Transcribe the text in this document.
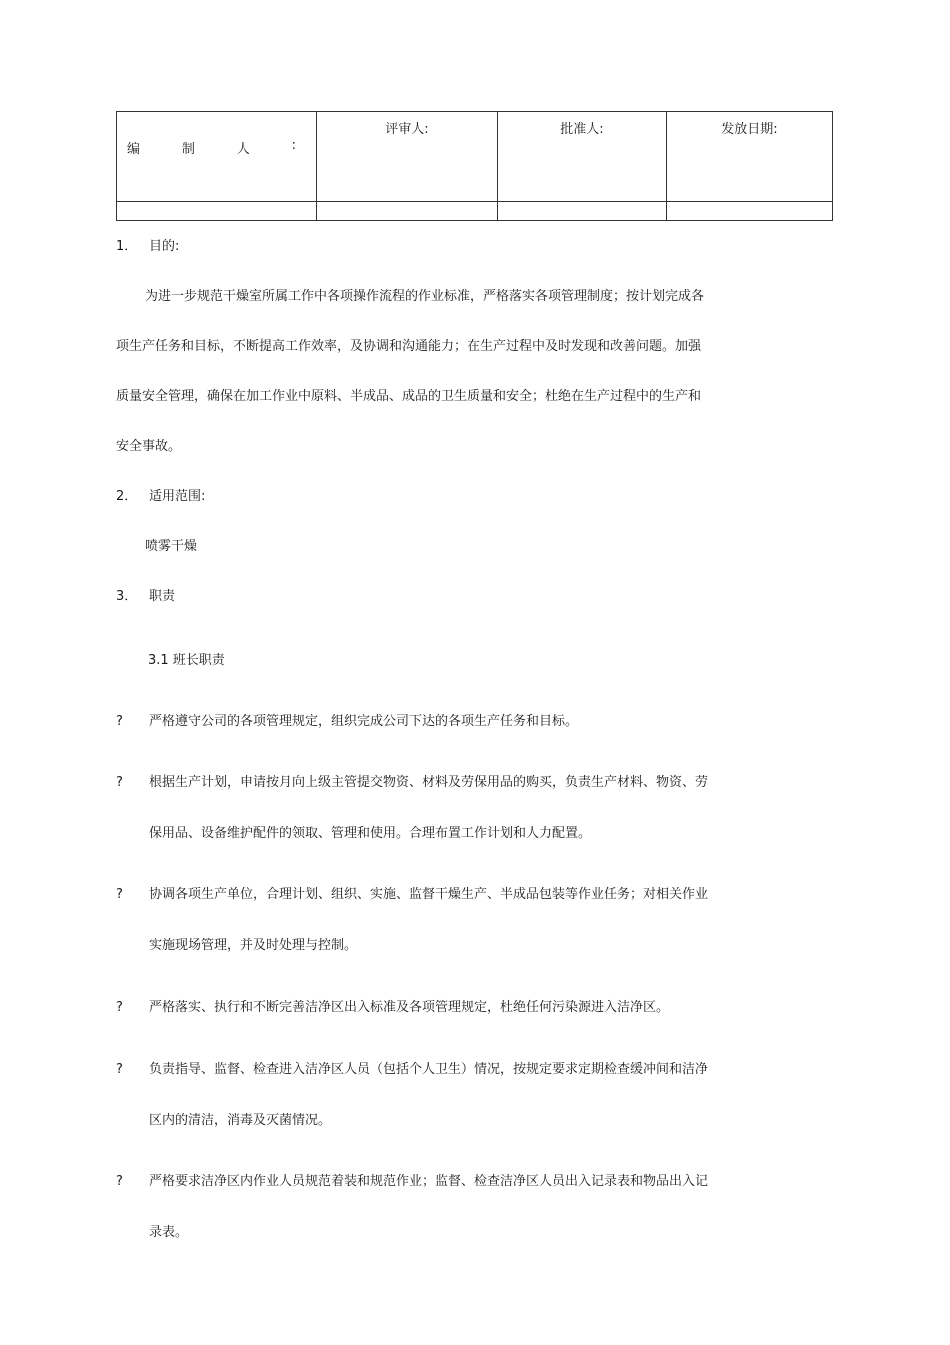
编 制 人 :	评审人:	批准人:	发放日期:

1． 目的:
为进一步规范干燥室所属工作中各项操作流程的作业标准，严格落实各项管理制度；按计划完成各
项生产任务和目标，不断提高工作效率，及协调和沟通能力；在生产过程中及时发现和改善问题。加强
质量安全管理，确保在加工作业中原料、半成品、成品的卫生质量和安全；杜绝在生产过程中的生产和
安全事故。
2． 适用范围:
喷雾干燥
3． 职责
3.1 班长职责
? 严格遵守公司的各项管理规定，组织完成公司下达的各项生产任务和目标。
? 根据生产计划，申请按月向上级主管提交物资、材料及劳保用品的购买，负责生产材料、物资、劳
保用品、设备维护配件的领取、管理和使用。合理布置工作计划和人力配置。
? 协调各项生产单位，合理计划、组织、实施、监督干燥生产、半成品包装等作业任务；对相关作业
实施现场管理，并及时处理与控制。
? 严格落实、执行和不断完善洁净区出入标准及各项管理规定，杜绝任何污染源进入洁净区。
? 负责指导、监督、检查进入洁净区人员（包括个人卫生）情况，按规定要求定期检查缓冲间和洁净
区内的清洁，消毒及灭菌情况。
? 严格要求洁净区内作业人员规范着装和规范作业；监督、检查洁净区人员出入记录表和物品出入记
录表。
